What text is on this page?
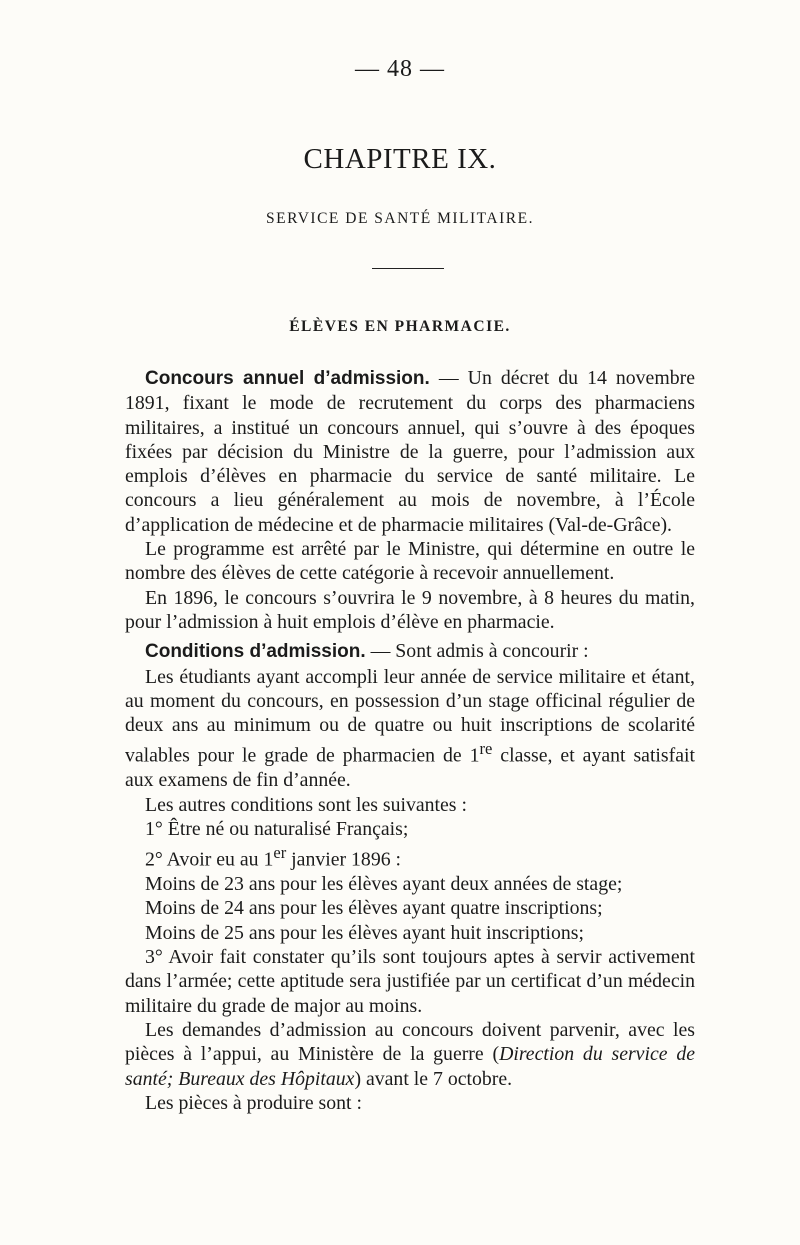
— 48 —
CHAPITRE IX.
SERVICE DE SANTÉ MILITAIRE.
ÉLÈVES EN PHARMACIE.

Concours annuel d’admission. — Un décret du 14 novembre 1891, fixant le mode de recrutement du corps des pharmaciens militaires, a institué un concours annuel, qui s’ouvre à des époques fixées par décision du Ministre de la guerre, pour l’admission aux emplois d’élèves en pharmacie du service de santé militaire. Le concours a lieu généralement au mois de novembre, à l’École d’application de médecine et de pharmacie militaires (Val-de-Grâce).

Le programme est arrêté par le Ministre, qui détermine en outre le nombre des élèves de cette catégorie à recevoir annuellement.

En 1896, le concours s’ouvrira le 9 novembre, à 8 heures du matin, pour l’admission à huit emplois d’élève en pharmacie.

Conditions d’admission. — Sont admis à concourir :

Les étudiants ayant accompli leur année de service militaire et étant, au moment du concours, en possession d’un stage officinal régulier de deux ans au minimum ou de quatre ou huit inscriptions de scolarité valables pour le grade de pharmacien de 1re classe, et ayant satisfait aux examens de fin d’année.

Les autres conditions sont les suivantes :

1° Être né ou naturalisé Français;

2° Avoir eu au 1er janvier 1896 :

Moins de 23 ans pour les élèves ayant deux années de stage;

Moins de 24 ans pour les élèves ayant quatre inscriptions;

Moins de 25 ans pour les élèves ayant huit inscriptions;

3° Avoir fait constater qu’ils sont toujours aptes à servir activement dans l’armée; cette aptitude sera justifiée par un certificat d’un médecin militaire du grade de major au moins.

Les demandes d’admission au concours doivent parvenir, avec les pièces à l’appui, au Ministère de la guerre (Direction du service de santé; Bureaux des Hôpitaux) avant le 7 octobre.

Les pièces à produire sont :
